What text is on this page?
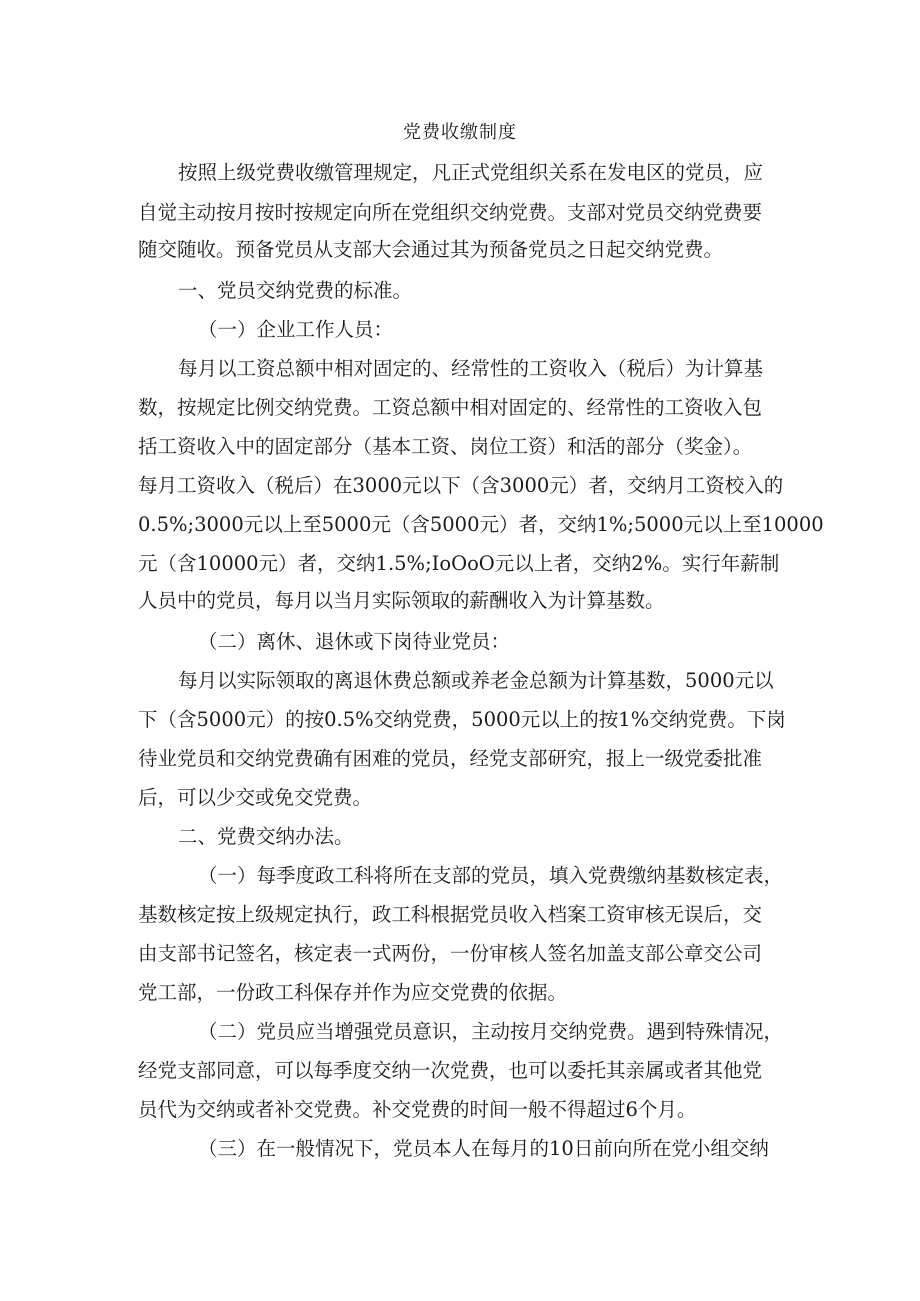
党费收缴制度
按照上级党费收缴管理规定，凡正式党组织关系在发电区的党员，应
自觉主动按月按时按规定向所在党组织交纳党费。支部对党员交纳党费要
随交随收。预备党员从支部大会通过其为预备党员之日起交纳党费。
一、党员交纳党费的标准。
（一）企业工作人员：
每月以工资总额中相对固定的、经常性的工资收入（税后）为计算基
数，按规定比例交纳党费。工资总额中相对固定的、经常性的工资收入包
括工资收入中的固定部分（基本工资、岗位工资）和活的部分（奖金）。
每月工资收入（税后）在3000元以下（含3000元）者，交纳月工资校入的
0.5%;3000元以上至5000元（含5000元）者，交纳1%;5000元以上至10000
元（含10000元）者，交纳1.5%;IoOoO元以上者，交纳2%。实行年薪制
人员中的党员，每月以当月实际领取的薪酬收入为计算基数。
（二）离休、退休或下岗待业党员：
每月以实际领取的离退休费总额或养老金总额为计算基数，5000元以
下（含5000元）的按0.5%交纳党费，5000元以上的按1%交纳党费。下岗
待业党员和交纳党费确有困难的党员，经党支部研究，报上一级党委批准
后，可以少交或免交党费。
二、党费交纳办法。
（一）每季度政工科将所在支部的党员，填入党费缴纳基数核定表，
基数核定按上级规定执行，政工科根据党员收入档案工资审核无误后，交
由支部书记签名，核定表一式两份，一份审核人签名加盖支部公章交公司
党工部，一份政工科保存并作为应交党费的依据。
（二）党员应当增强党员意识，主动按月交纳党费。遇到特殊情况，
经党支部同意，可以每季度交纳一次党费，也可以委托其亲属或者其他党
员代为交纳或者补交党费。补交党费的时间一般不得超过6个月。
（三）在一般情况下，党员本人在每月的10日前向所在党小组交纳
